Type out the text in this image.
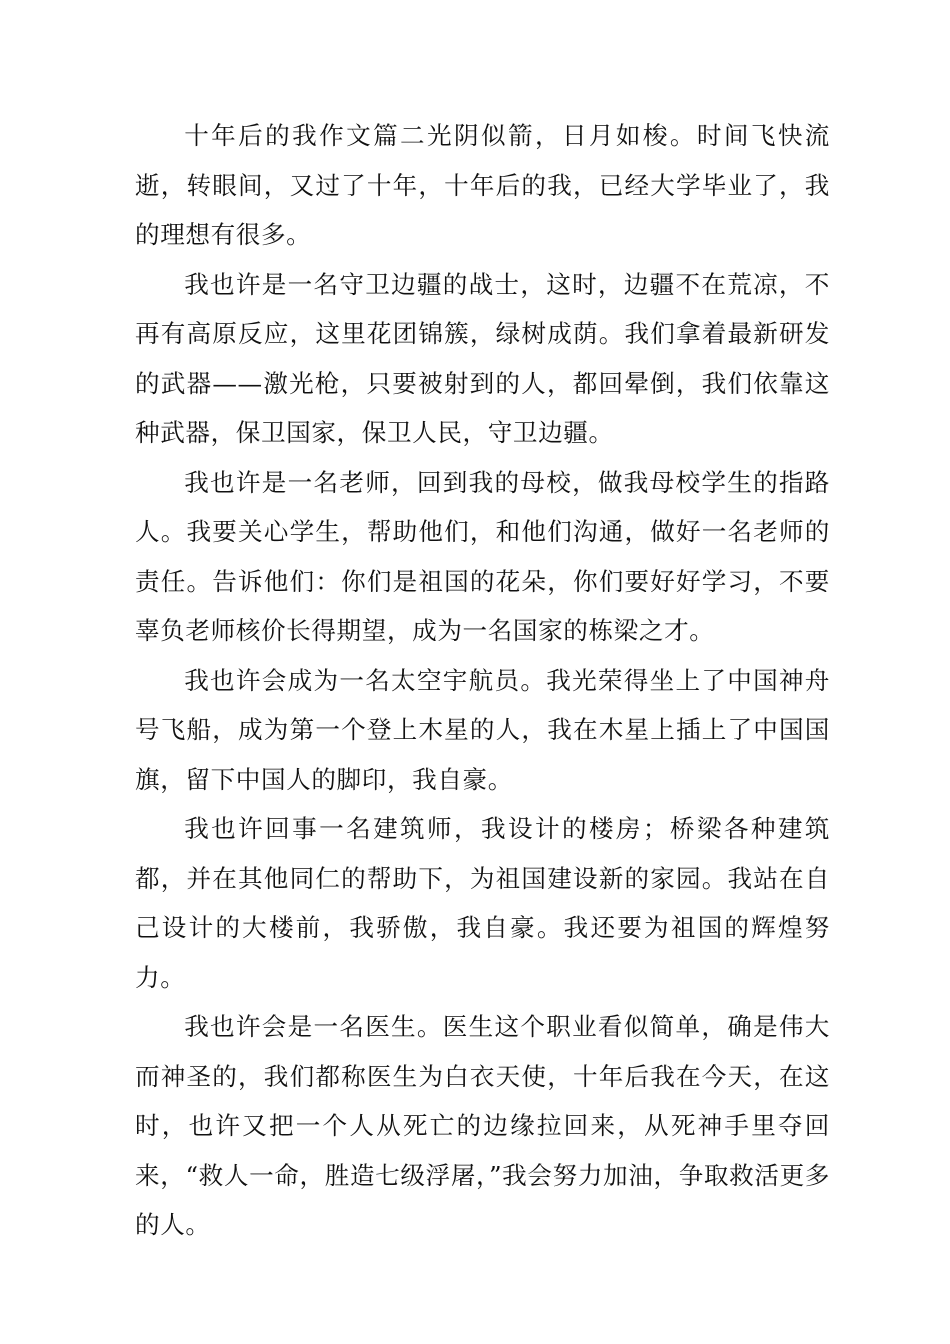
十年后的我作文篇二光阴似箭，日月如梭。时间飞快流逝，转眼间，又过了十年，十年后的我，已经大学毕业了，我的理想有很多。

我也许是一名守卫边疆的战士，这时，边疆不在荒凉，不再有高原反应，这里花团锦簇，绿树成荫。我们拿着最新研发的武器——激光枪，只要被射到的人，都回晕倒，我们依靠这种武器，保卫国家，保卫人民，守卫边疆。

我也许是一名老师，回到我的母校，做我母校学生的指路人。我要关心学生，帮助他们，和他们沟通，做好一名老师的责任。告诉他们：你们是祖国的花朵，你们要好好学习，不要辜负老师核价长得期望，成为一名国家的栋梁之才。

我也许会成为一名太空宇航员。我光荣得坐上了中国神舟号飞船，成为第一个登上木星的人，我在木星上插上了中国国旗，留下中国人的脚印，我自豪。

我也许回事一名建筑师，我设计的楼房；桥梁各种建筑都，并在其他同仁的帮助下，为祖国建设新的家园。我站在自己设计的大楼前，我骄傲，我自豪。我还要为祖国的辉煌努力。

我也许会是一名医生。医生这个职业看似简单，确是伟大而神圣的，我们都称医生为白衣天使，十年后我在今天，在这时，也许又把一个人从死亡的边缘拉回来，从死神手里夺回来，“救人一命，胜造七级浮屠，”我会努力加油，争取救活更多的人。
